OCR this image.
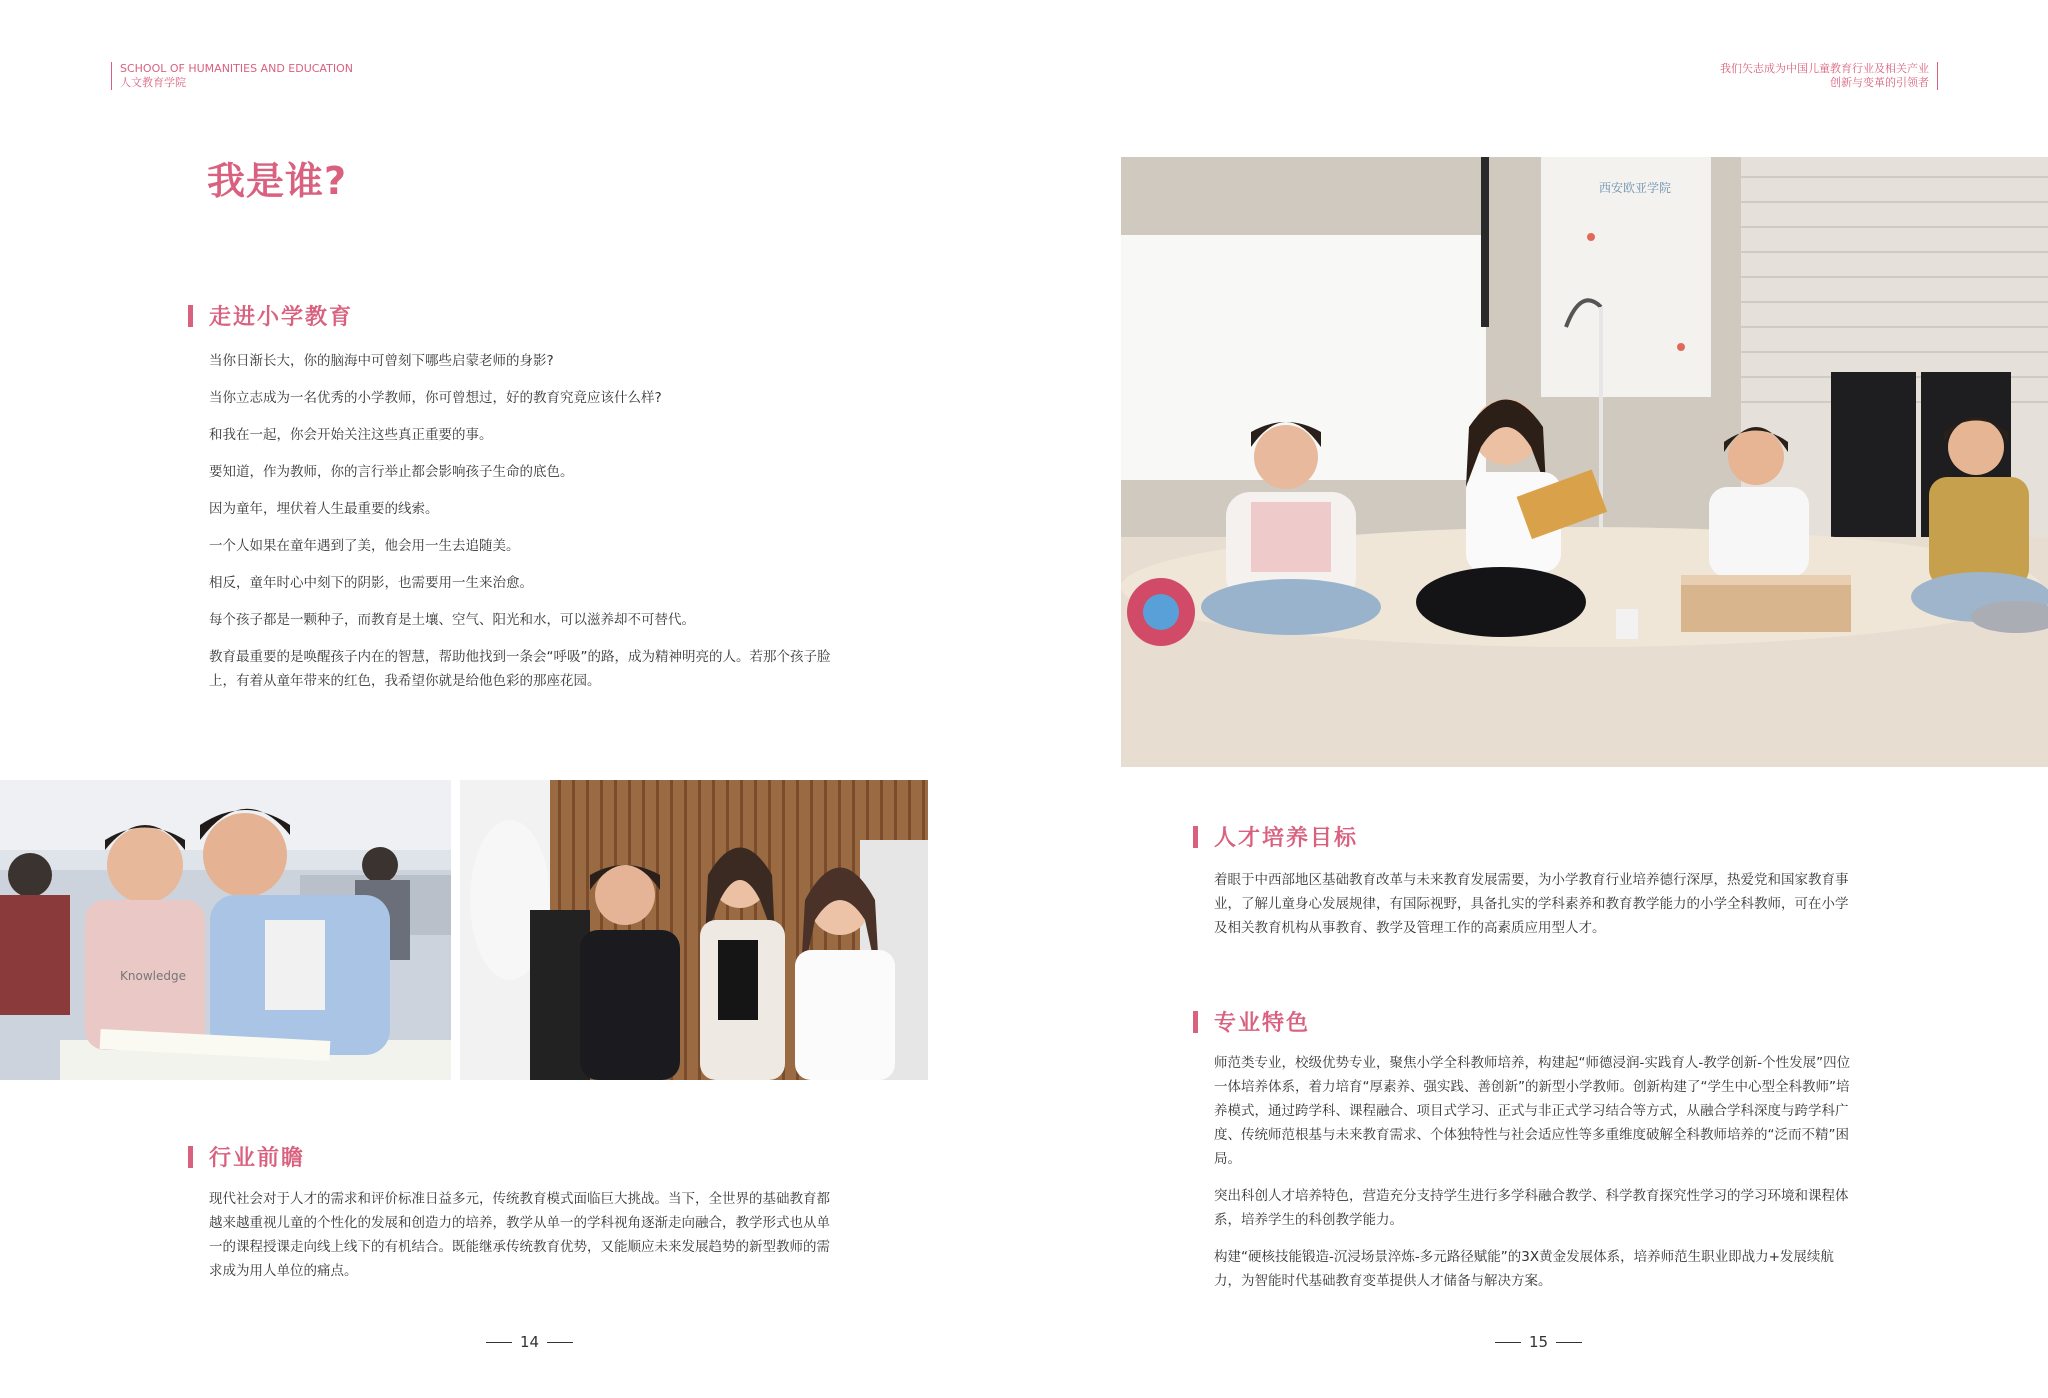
SCHOOL OF HUMANITIES AND EDUCATION
人文教育学院
我们矢志成为中国儿童教育行业及相关产业
创新与变革的引领者
我是谁?
走进小学教育

当你日渐长大，你的脑海中可曾刻下哪些启蒙老师的身影?

当你立志成为一名优秀的小学教师，你可曾想过，好的教育究竟应该什么样?

和我在一起，你会开始关注这些真正重要的事。

要知道，作为教师，你的言行举止都会影响孩子生命的底色。

因为童年，埋伏着人生最重要的线索。

一个人如果在童年遇到了美，他会用一生去追随美。

相反，童年时心中刻下的阴影，也需要用一生来治愈。

每个孩子都是一颗种子，而教育是土壤、空气、阳光和水，可以滋养却不可替代。

教育最重要的是唤醒孩子内在的智慧，帮助他找到一条会“呼吸”的路，成为精神明亮的人。若那个孩子脸上，有着从童年带来的红色，我希望你就是给他色彩的那座花园。

Knowledge
行业前瞻

现代社会对于人才的需求和评价标准日益多元，传统教育模式面临巨大挑战。当下，全世界的基础教育都越来越重视儿童的个性化的发展和创造力的培养，教学从单一的学科视角逐渐走向融合，教学形式也从单一的课程授课走向线上线下的有机结合。既能继承传统教育优势，又能顺应未来发展趋势的新型教师的需求成为用人单位的痛点。

14
西安欧亚学院
人才培养目标

着眼于中西部地区基础教育改革与未来教育发展需要，为小学教育行业培养德行深厚，热爱党和国家教育事业，了解儿童身心发展规律，有国际视野，具备扎实的学科素养和教育教学能力的小学全科教师，可在小学及相关教育机构从事教育、教学及管理工作的高素质应用型人才。

专业特色

师范类专业，校级优势专业，聚焦小学全科教师培养，构建起“师德浸润-实践育人-教学创新-个性发展”四位一体培养体系，着力培育“厚素养、强实践、善创新”的新型小学教师。创新构建了“学生中心型全科教师”培养模式，通过跨学科、课程融合、项目式学习、正式与非正式学习结合等方式，从融合学科深度与跨学科广度、传统师范根基与未来教育需求、个体独特性与社会适应性等多重维度破解全科教师培养的“泛而不精”困局。

突出科创人才培养特色，营造充分支持学生进行多学科融合教学、科学教育探究性学习的学习环境和课程体系，培养学生的科创教学能力。

构建“硬核技能锻造-沉浸场景淬炼-多元路径赋能”的3X黄金发展体系，培养师范生职业即战力+发展续航力，为智能时代基础教育变革提供人才储备与解决方案。

15
